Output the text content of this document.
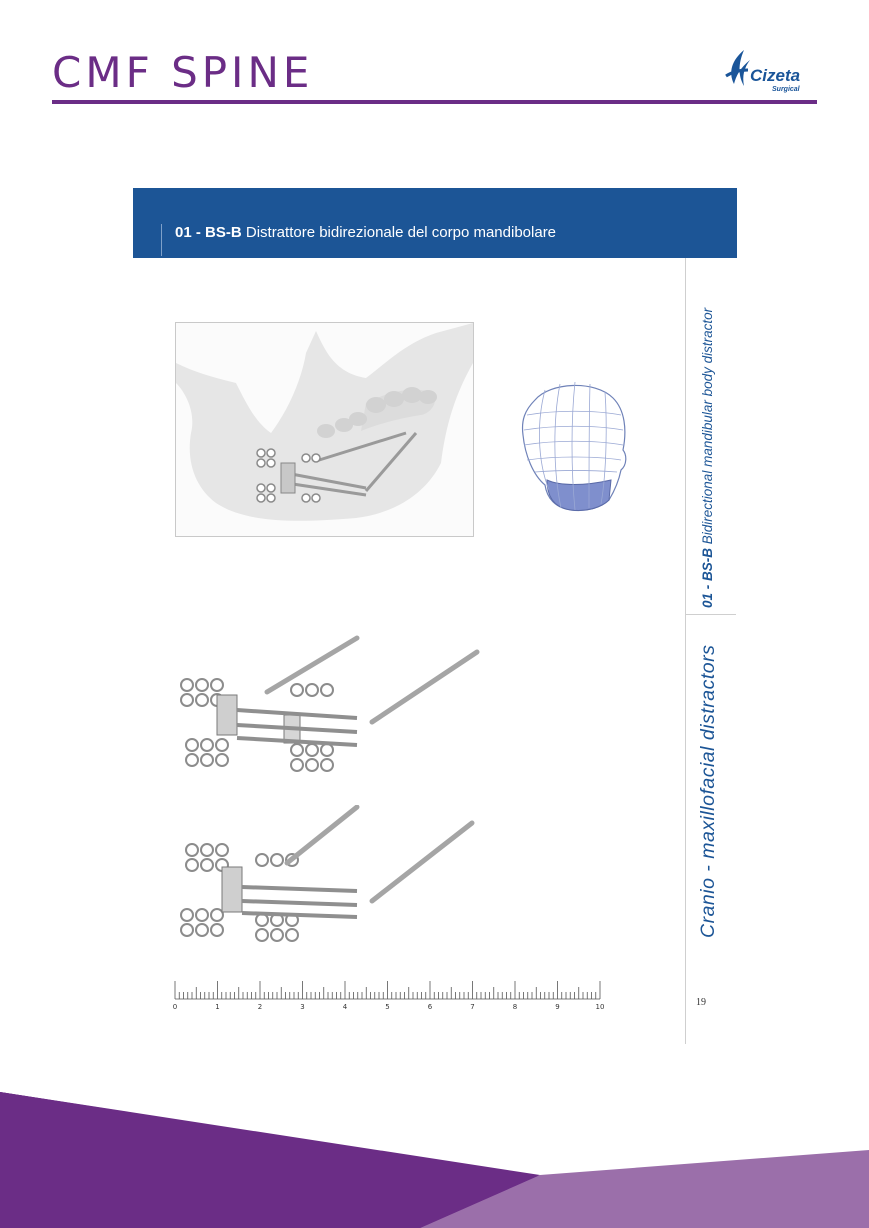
CMF SPINE	Cizeta
Surgical
01 - BS-B Distrattore bidirezionale del corpo mandibolare
01 - BS-B Bidirectional mandibular body distractor
Cranio - maxillofacial distractors
19
0	1	2	3	4	5	6	7	8	9	10
